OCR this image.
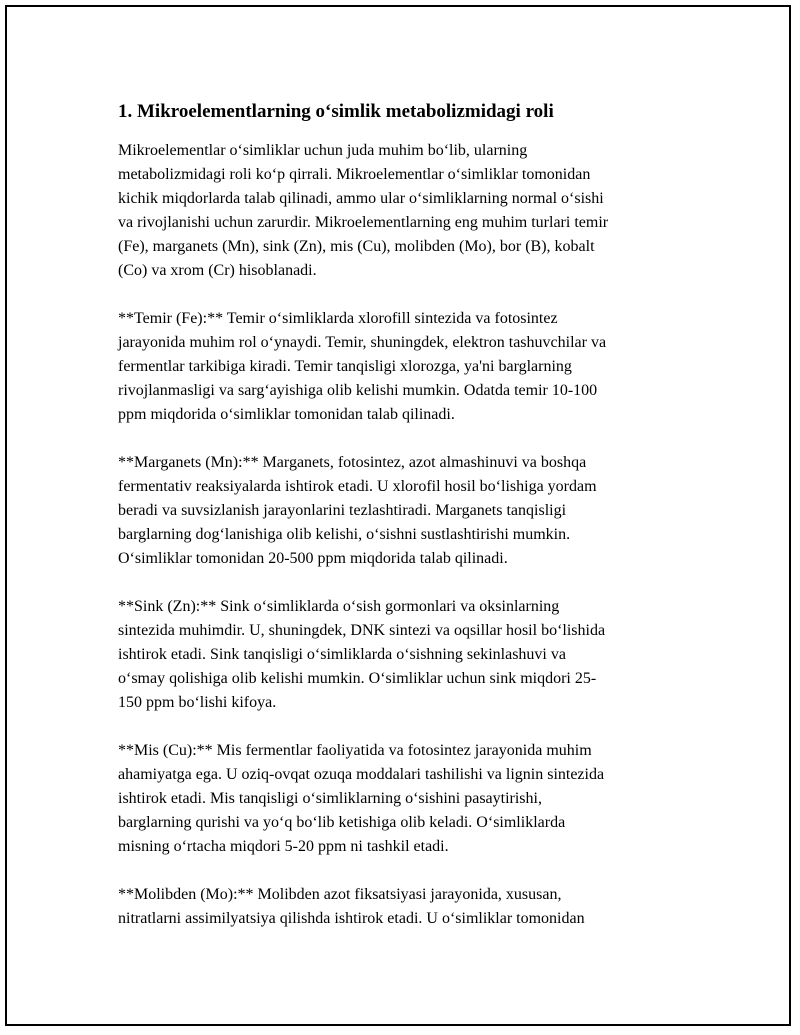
1. Mikroelementlarning o‘simlik metabolizmidagi roli

Mikroelementlar o‘simliklar uchun juda muhim bo‘lib, ularning
metabolizmidagi roli ko‘p qirrali. Mikroelementlar o‘simliklar tomonidan
kichik miqdorlarda talab qilinadi, ammo ular o‘simliklarning normal o‘sishi
va rivojlanishi uchun zarurdir. Mikroelementlarning eng muhim turlari temir
(Fe), marganets (Mn), sink (Zn), mis (Cu), molibden (Mo), bor (B), kobalt
(Co) va xrom (Cr) hisoblanadi.

**Temir (Fe):** Temir o‘simliklarda xlorofill sintezida va fotosintez
jarayonida muhim rol o‘ynaydi. Temir, shuningdek, elektron tashuvchilar va
fermentlar tarkibiga kiradi. Temir tanqisligi xlorozga, ya'ni barglarning
rivojlanmasligi va sarg‘ayishiga olib kelishi mumkin. Odatda temir 10-100
ppm miqdorida o‘simliklar tomonidan talab qilinadi.

**Marganets (Mn):** Marganets, fotosintez, azot almashinuvi va boshqa
fermentativ reaksiyalarda ishtirok etadi. U xlorofil hosil bo‘lishiga yordam
beradi va suvsizlanish jarayonlarini tezlashtiradi. Marganets tanqisligi
barglarning dog‘lanishiga olib kelishi, o‘sishni sustlashtirishi mumkin.
O‘simliklar tomonidan 20-500 ppm miqdorida talab qilinadi.

**Sink (Zn):** Sink o‘simliklarda o‘sish gormonlari va oksinlarning
sintezida muhimdir. U, shuningdek, DNK sintezi va oqsillar hosil bo‘lishida
ishtirok etadi. Sink tanqisligi o‘simliklarda o‘sishning sekinlashuvi va
o‘smay qolishiga olib kelishi mumkin. O‘simliklar uchun sink miqdori 25-
150 ppm bo‘lishi kifoya.

**Mis (Cu):** Mis fermentlar faoliyatida va fotosintez jarayonida muhim
ahamiyatga ega. U oziq-ovqat ozuqa moddalari tashilishi va lignin sintezida
ishtirok etadi. Mis tanqisligi o‘simliklarning o‘sishini pasaytirishi,
barglarning qurishi va yo‘q bo‘lib ketishiga olib keladi. O‘simliklarda
misning o‘rtacha miqdori 5-20 ppm ni tashkil etadi.

**Molibden (Mo):** Molibden azot fiksatsiyasi jarayonida, xususan,
nitratlarni assimilyatsiya qilishda ishtirok etadi. U o‘simliklar tomonidan
